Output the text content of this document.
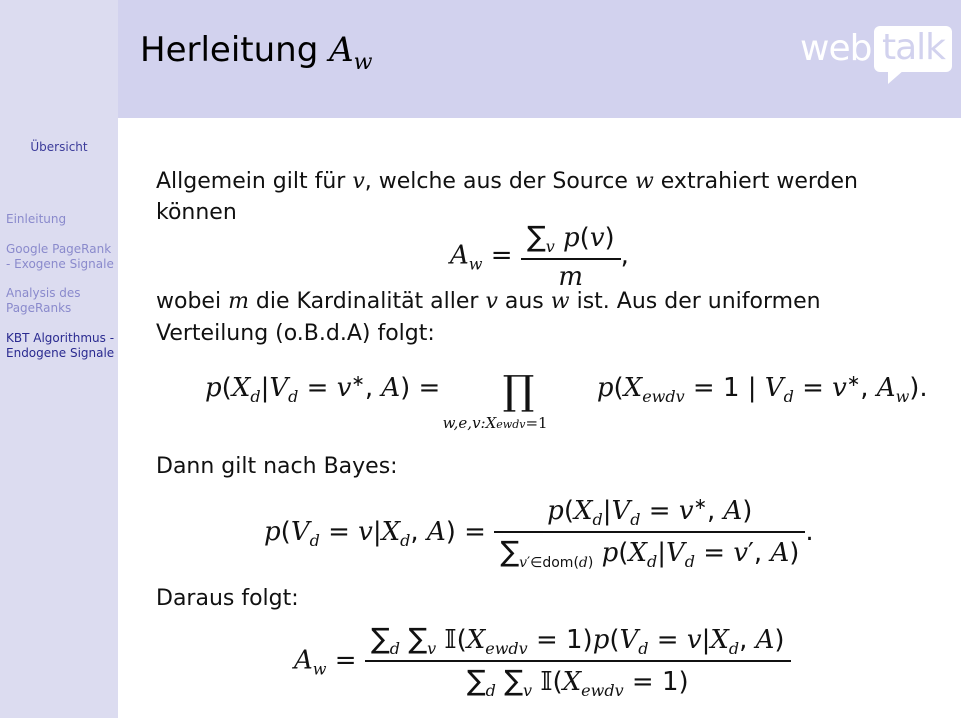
Herleitung $A_w$	web talk
Übersicht
Einleitung
Google PageRank - Exogene Signale
Analysis des PageRanks
KBT Algorithmus - Endogene Signale
Allgemein gilt für v, welche aus der Source w extrahiert werden
können
$A_w = \frac{\sum_v p(v)}{m}$ ,
wobei m die Kardinalität aller v aus w ist. Aus der uniformen
Verteilung (o.B.d.A) folgt:
$p(X_d|V_d = v^∗$, A) = ∏
w,e,v:Xewdv=1
$p(X_{ewdv} = 1$ | $V_d = v^∗$, $A_w$).
Dann gilt nach Bayes:
$p(V_d = v|X_d$, $A) = \frac{p(X_d|V_d = v^∗, A)}{\sum_{v'\in dom(d)} p(X_d|V_d = v', A)}$ .
Daraus folgt:
$A_w = \frac{\sum_d \sum_v 𝕀(X_{ewdv} = 1)p(V_d = v|X_d, A)}{\sum_d \sum_v 𝕀(X_{ewdv} = 1)}$
